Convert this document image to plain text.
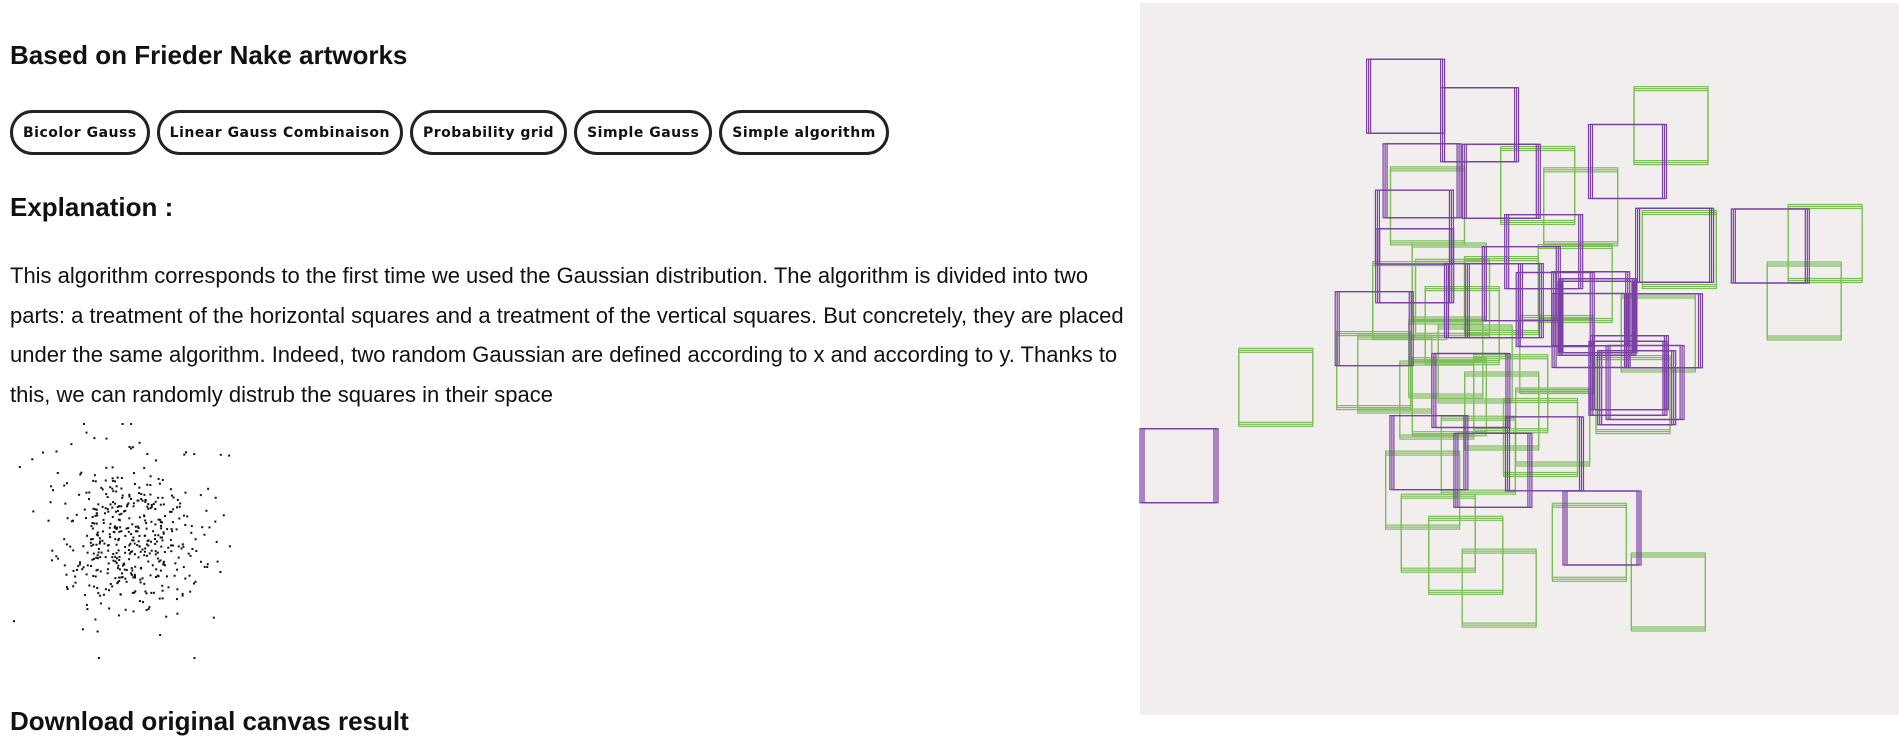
Based on Frieder Nake artworks
Bicolor Gauss	Linear Gauss Combinaison	Probability grid	Simple Gauss	Simple algorithm
Explanation :

This algorithm corresponds to the first time we used the Gaussian distribution. The algorithm is divided into two parts: a treatment of the horizontal squares and a treatment of the vertical squares. But concretely, they are placed under the same algorithm. Indeed, two random Gaussian are defined according to x and according to y. Thanks to this, we can randomly distrub the squares in their space

Download original canvas result
